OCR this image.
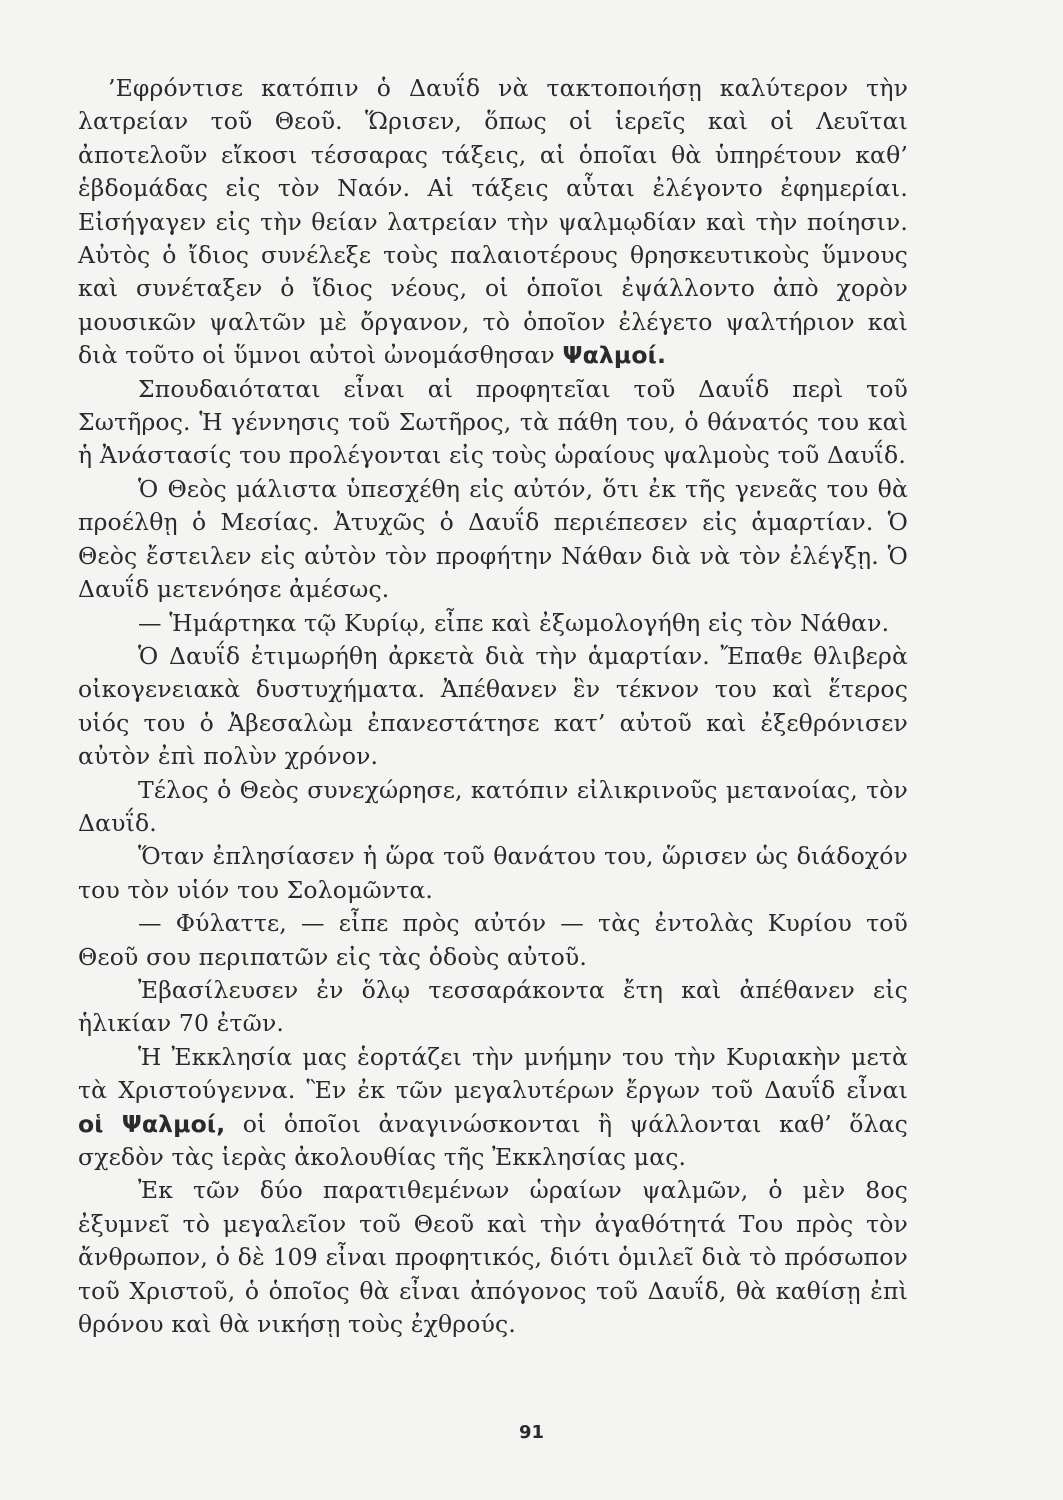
’Εφρόντισε κατόπιν ὁ Δαυΐδ νὰ τακτοποιήσῃ καλύτερον τὴν λατρείαν τοῦ Θεοῦ. Ὥρισεν, ὅπως οἱ ἱερεῖς καὶ οἱ Λευῖται ἀποτελοῦν εἴκοσι τέσσαρας τάξεις, αἱ ὁποῖαι θὰ ὑπηρέτουν καθ’ ἑβδομάδας εἰς τὸν Ναόν. Αἱ τάξεις αὗται ἐλέγοντο ἐφημερίαι. Εἰσήγαγεν εἰς τὴν θείαν λατρείαν τὴν ψαλμῳδίαν καὶ τὴν ποίησιν. Αὐτὸς ὁ ἴδιος συνέλεξε τοὺς παλαιοτέρους θρησκευτικοὺς ὕμνους καὶ συνέταξεν ὁ ἴδιος νέους, οἱ ὁποῖοι ἐψάλλοντο ἀπὸ χορὸν μουσικῶν ψαλτῶν μὲ ὄργανον, τὸ ὁποῖον ἐλέγετο ψαλτήριον καὶ διὰ τοῦτο οἱ ὕμνοι αὐτοὶ ὠνομάσθησαν Ψαλμοί.

Σπουδαιόταται εἶναι αἱ προφητεῖαι τοῦ Δαυΐδ περὶ τοῦ Σωτῆρος. Ἡ γέννησις τοῦ Σωτῆρος, τὰ πάθη του, ὁ θάνατός του καὶ ἡ Ἀνάστασίς του προλέγονται εἰς τοὺς ὡραίους ψαλμοὺς τοῦ Δαυΐδ.

Ὁ Θεὸς μάλιστα ὑπεσχέθη εἰς αὐτόν, ὅτι ἐκ τῆς γενεᾶς του θὰ προέλθῃ ὁ Μεσίας. Ἀτυχῶς ὁ Δαυΐδ περιέπεσεν εἰς ἁμαρτίαν. Ὁ Θεὸς ἔστειλεν εἰς αὐτὸν τὸν προφήτην Νάθαν διὰ νὰ τὸν ἐλέγξῃ. Ὁ Δαυΐδ μετενόησε ἀμέσως.

— Ἡμάρτηκα τῷ Κυρίῳ, εἶπε καὶ ἐξωμολογήθη εἰς τὸν Νάθαν.

Ὁ Δαυΐδ ἐτιμωρήθη ἀρκετὰ διὰ τὴν ἁμαρτίαν. Ἔπαθε θλιβερὰ οἰκογενειακὰ δυστυχήματα. Ἀπέθανεν ἓν τέκνον του καὶ ἕτερος υἱός του ὁ Ἀβεσαλὼμ ἐπανεστάτησε κατ’ αὐτοῦ καὶ ἐξεθρόνισεν αὐτὸν ἐπὶ πολὺν χρόνον.

Τέλος ὁ Θεὸς συνεχώρησε, κατόπιν εἰλικρινοῦς μετανοίας, τὸν Δαυΐδ.

Ὅταν ἐπλησίασεν ἡ ὥρα τοῦ θανάτου του, ὥρισεν ὡς διάδοχόν του τὸν υἱόν του Σολομῶντα.

— Φύλαττε, — εἶπε πρὸς αὐτόν — τὰς ἐντολὰς Κυρίου τοῦ Θεοῦ σου περιπατῶν εἰς τὰς ὁδοὺς αὐτοῦ.

Ἐβασίλευσεν ἐν ὅλῳ τεσσαράκοντα ἔτη καὶ ἀπέθανεν εἰς ἡλικίαν 70 ἐτῶν.

Ἡ Ἐκκλησία μας ἑορτάζει τὴν μνήμην του τὴν Κυριακὴν μετὰ τὰ Χριστούγεννα. Ἓν ἐκ τῶν μεγαλυτέρων ἔργων τοῦ Δαυΐδ εἶναι οἱ Ψαλμοί, οἱ ὁποῖοι ἀναγινώσκονται ἢ ψάλλονται καθ’ ὅλας σχεδὸν τὰς ἱερὰς ἀκολουθίας τῆς Ἐκκλησίας μας.

Ἐκ τῶν δύο παρατιθεμένων ὡραίων ψαλμῶν, ὁ μὲν 8ος ἐξυμνεῖ τὸ μεγαλεῖον τοῦ Θεοῦ καὶ τὴν ἀγαθότητά Του πρὸς τὸν ἄνθρωπον, ὁ δὲ 109 εἶναι προφητικός, διότι ὁμιλεῖ διὰ τὸ πρόσωπον τοῦ Χριστοῦ, ὁ ὁποῖος θὰ εἶναι ἀπόγονος τοῦ Δαυΐδ, θὰ καθίσῃ ἐπὶ θρόνου καὶ θὰ νικήσῃ τοὺς ἐχθρούς.

91
